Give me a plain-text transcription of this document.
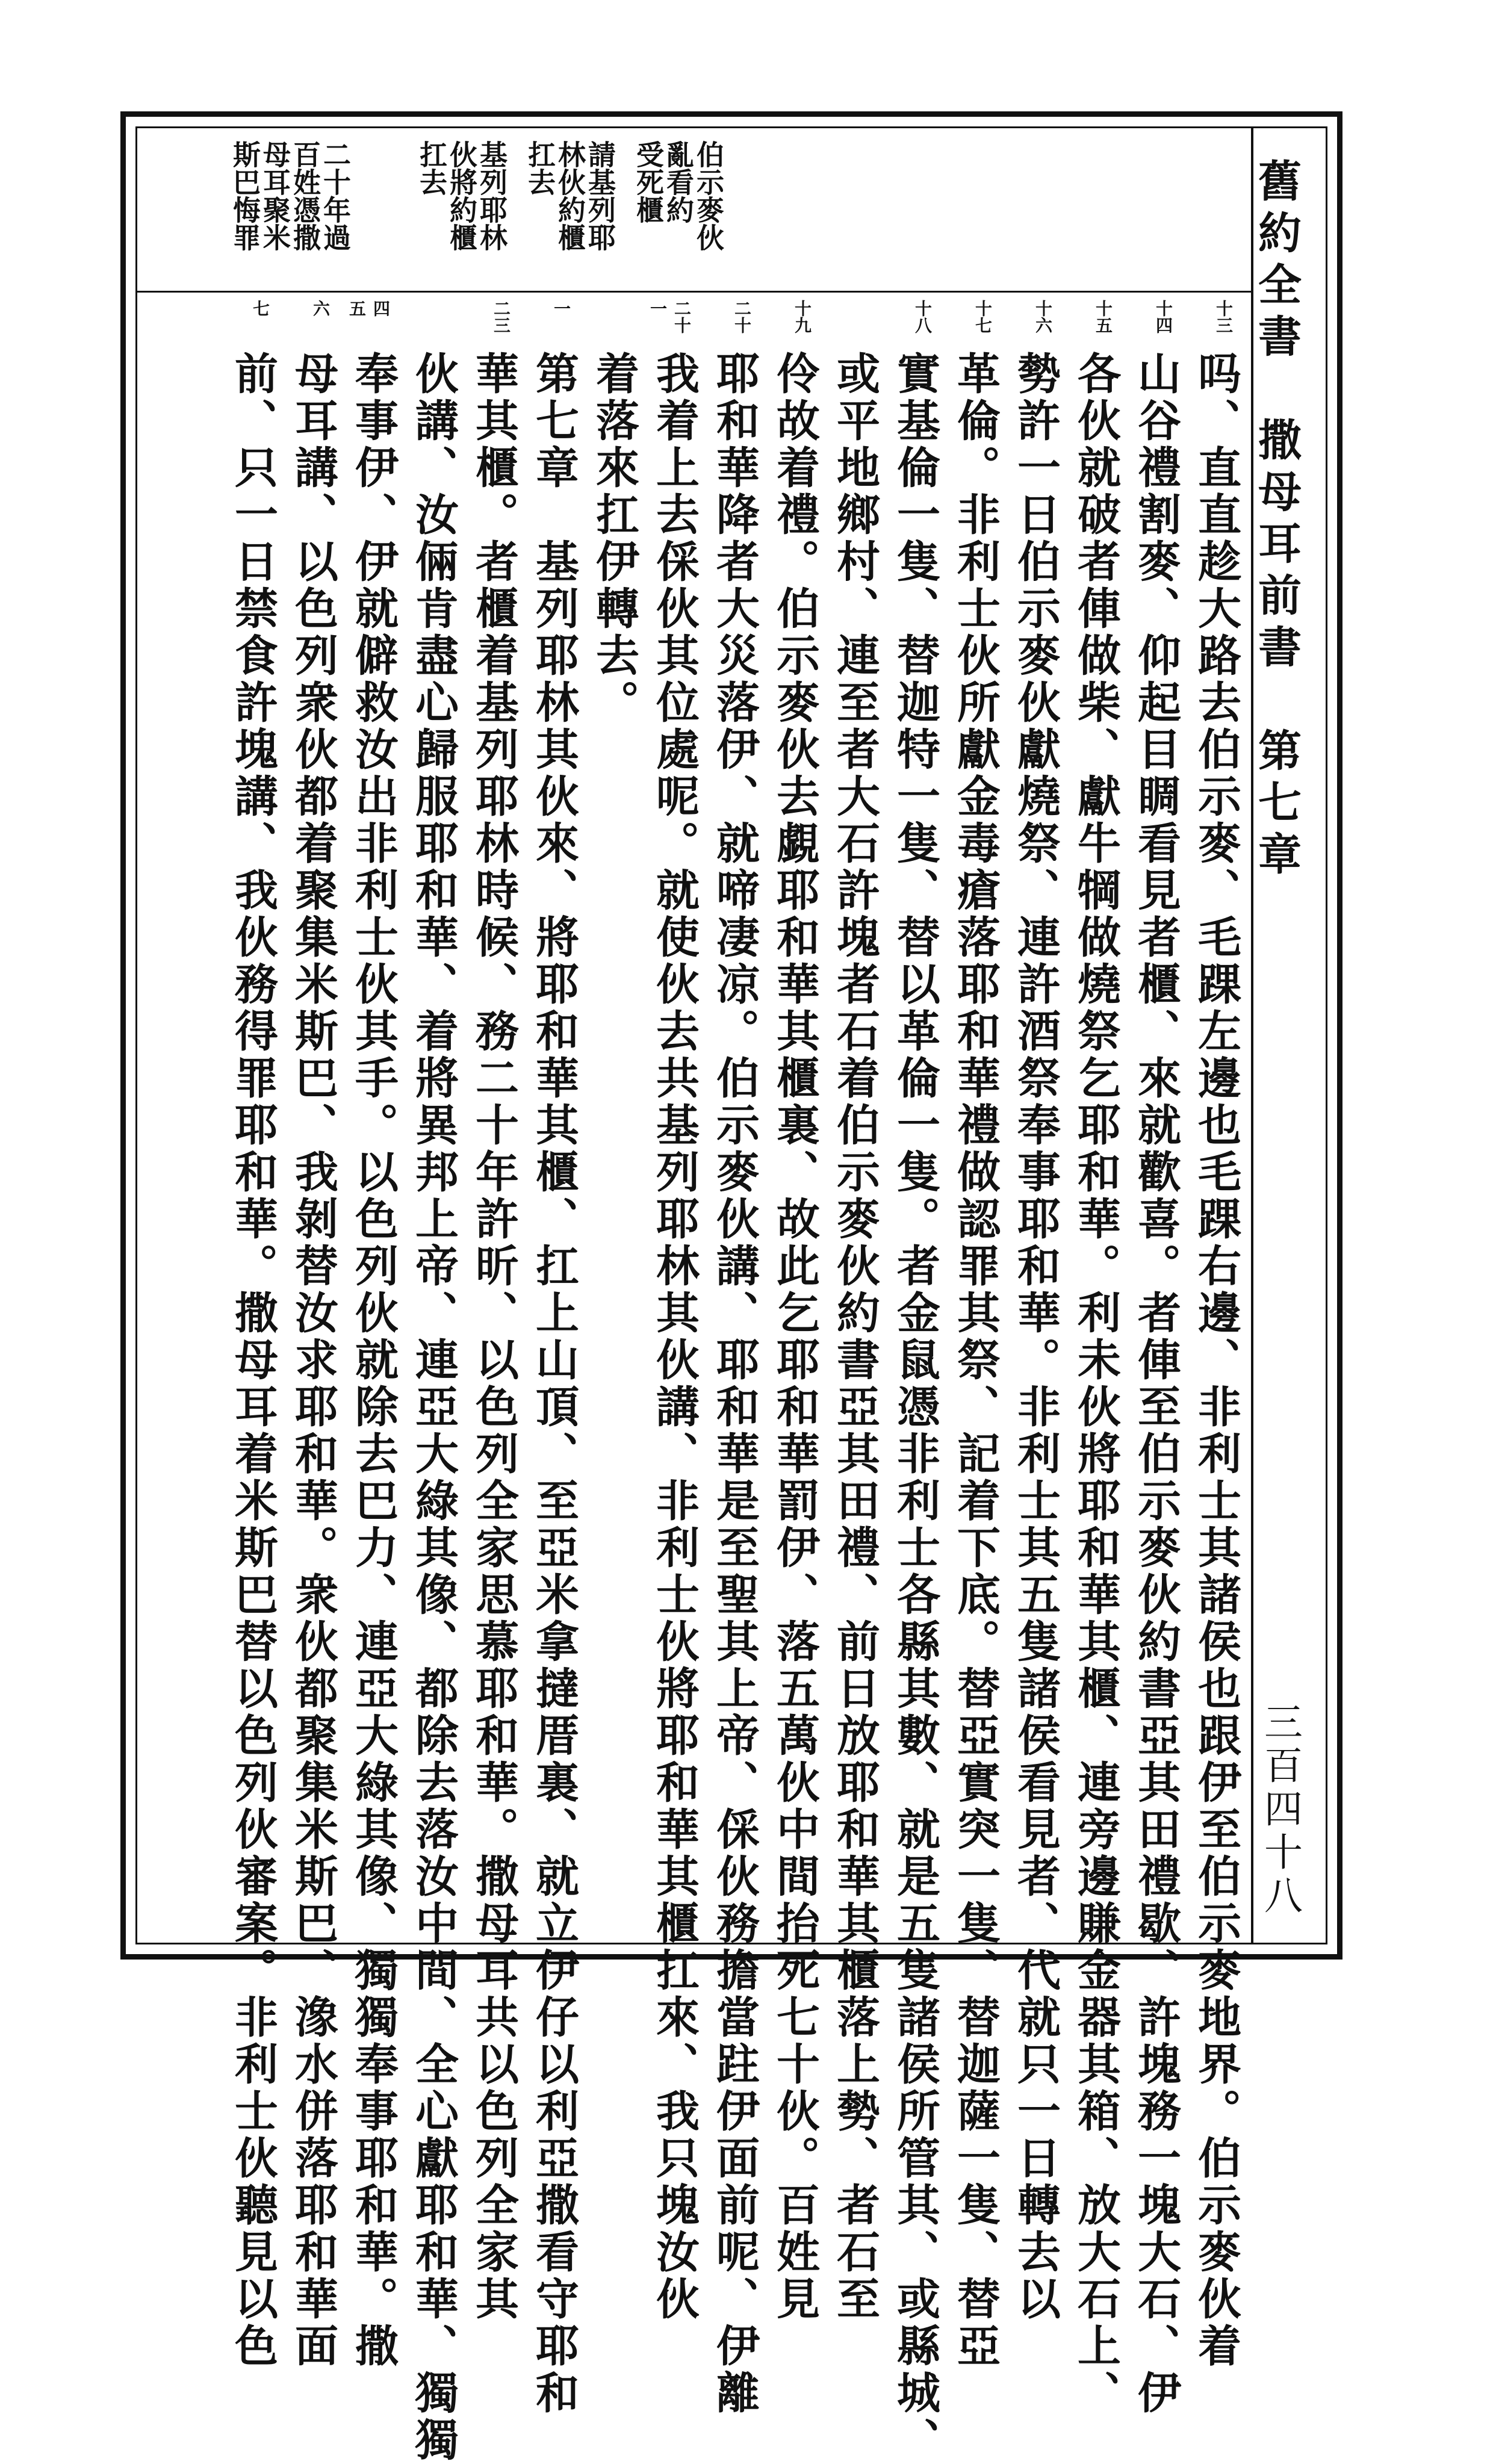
舊約全書　撒母耳前書　第七章
三百四十八
伯示麥伙
亂看約
受死櫃
請基列耶
林伙約櫃
扛去
基列耶林
伙將約櫃
扛去
二十年過
百姓憑撒
母耳聚米
斯巴悔罪
十三
十四
十五
十六
十七
十八
十九
二十
二十一
一
二三
四 五
六
七
吗、直直趁大路去伯示麥、毛踝左邊也毛踝右邊、非利士其諸侯也跟伊至伯示麥地界。伯示麥伙着
山谷禮割麥、仰起目睭看見者櫃、來就歡喜。者俥至伯示麥伙約書亞其田禮歇、許塊務一塊大石、伊
各伙就破者俥做柴、獻牛犅做燒祭乞耶和華。利未伙將耶和華其櫃、連旁邊賺金器其箱、放大石上、
勢許一日伯示麥伙獻燒祭、連許酒祭奉事耶和華。非利士其五隻諸侯看見者、代就只一日轉去以
革倫。非利士伙所獻金毒瘡落耶和華禮做認罪其祭、記着下底。替亞實突一隻、替迦薩一隻、替亞
實基倫一隻、替迦特一隻、替以革倫一隻。者金鼠憑非利士各縣其數、就是五隻諸侯所管其、或縣城、
或平地鄉村、連至者大石許塊者石着伯示麥伙約書亞其田禮、前日放耶和華其櫃落上勢、者石至
伶故着禮。伯示麥伙去覷耶和華其櫃裏、故此乞耶和華罰伊、落五萬伙中間抬死七十伙。百姓見
耶和華降者大災落伊、就啼凄凉。伯示麥伙講、耶和華是至聖其上帝、倸伙務擔當跓伊面前呢、伊離
我着上去倸伙其位處呢。就使伙去共基列耶林其伙講、非利士伙將耶和華其櫃扛來、我只塊汝伙
着落來扛伊轉去。
第七章　基列耶林其伙來、將耶和華其櫃、扛上山頂、至亞米拿撻厝裏、就立伊仔以利亞撒看守耶和
華其櫃。者櫃着基列耶林時候、務二十年許昕、以色列全家思慕耶和華。撒母耳共以色列全家其
伙講、汝倆肯盡心歸服耶和華、着將異邦上帝、連亞大綠其像、都除去落汝中間、全心獻耶和華、獨獨
奉事伊、伊就僻救汝出非利士伙其手。以色列伙就除去巴力、連亞大綠其像、獨獨奉事耶和華。撒
母耳講、以色列衆伙都着聚集米斯巴、我剝替汝求耶和華。衆伙都聚集米斯巴、潒水併落耶和華面
前、只一日禁食許塊講、我伙務得罪耶和華。撒母耳着米斯巴替以色列伙審案。非利士伙聽見以色
